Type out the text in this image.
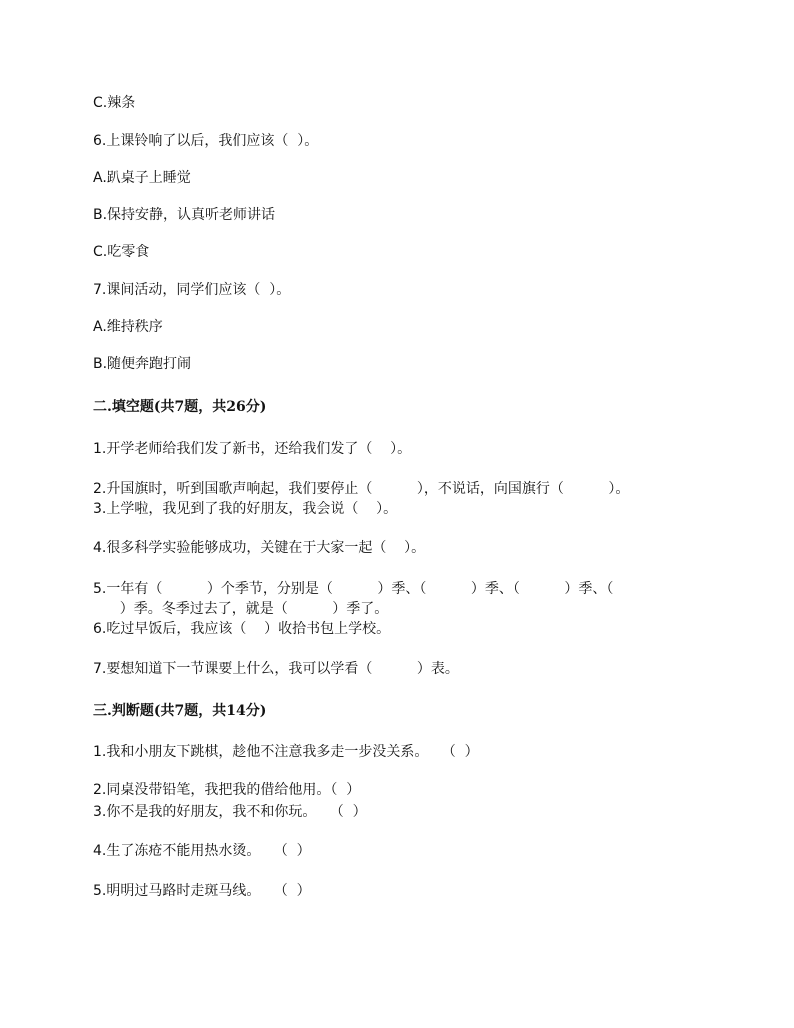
C.辣条
6.上课铃响了以后，我们应该（  ）。
A.趴桌子上睡觉
B.保持安静，认真听老师讲话
C.吃零食
7.课间活动，同学们应该（  ）。
A.维持秩序
B.随便奔跑打闹
二.填空题(共7题，共26分)
1.开学老师给我们发了新书，还给我们发了（    ）。
2.升国旗时，听到国歌声响起，我们要停止（          ），不说话，向国旗行（          ）。
3.上学啦，我见到了我的好朋友，我会说（    ）。
4.很多科学实验能够成功，关键在于大家一起（    ）。
5.一年有（          ）个季节，分别是（          ）季、（          ）季、（          ）季、（
）季。冬季过去了，就是（          ）季了。
6.吃过早饭后，我应该（    ）收拾书包上学校。
7.要想知道下一节课要上什么，我可以学看（          ）表。
三.判断题(共7题，共14分)
1.我和小朋友下跳棋，趁他不注意我多走一步没关系。   （  ）
2.同桌没带铅笔，我把我的借给他用。（  ）
3.你不是我的好朋友，我不和你玩。   （  ）
4.生了冻疮不能用热水烫。   （  ）
5.明明过马路时走斑马线。   （  ）
